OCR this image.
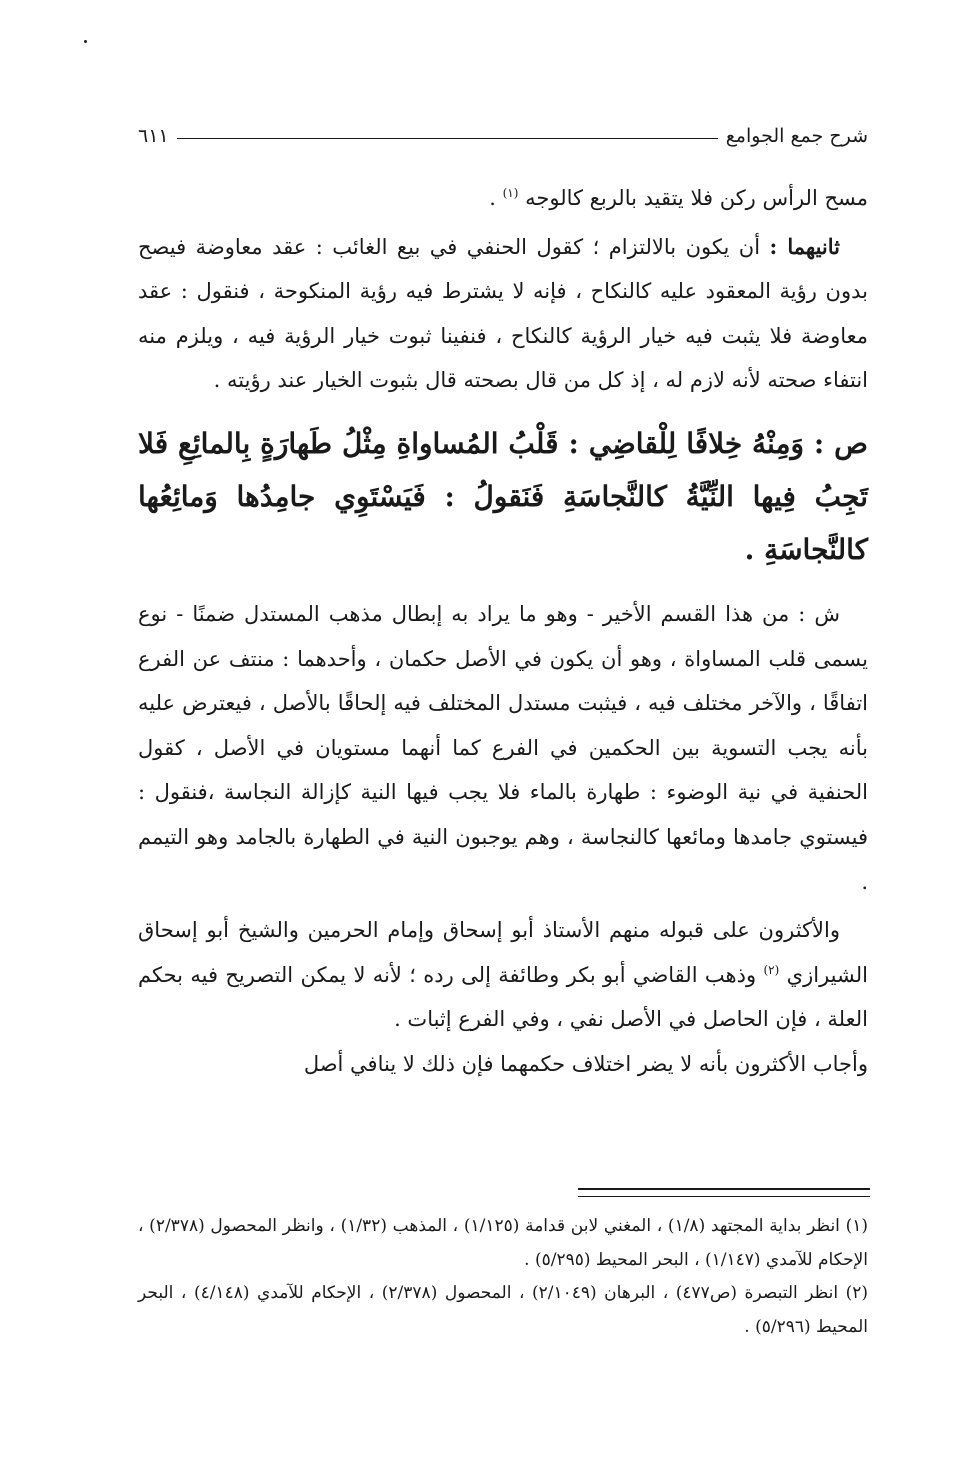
شرح جمع الجوامع
٦١١

مسح الرأس ركن فلا يتقيد بالربع كالوجه $^{(١)}$ .

ثانيهما : أن يكون بالالتزام ؛ كقول الحنفي في بيع الغائب : عقد معاوضة فيصح بدون رؤية المعقود عليه كالنكاح ، فإنه لا يشترط فيه رؤية المنكوحة ، فنقول : عقد معاوضة فلا يثبت فيه خيار الرؤية كالنكاح ، فنفينا ثبوت خيار الرؤية فيه ، ويلزم منه انتفاء صحته لأنه لازم له ، إذ كل من قال بصحته قال بثبوت الخيار عند رؤيته .

ص : وَمِنْهُ خِلافًا لِلْقاضِي : قَلْبُ المُساواةِ مِثْلُ طَهارَةٍ بِالمائِعِ فَلا تَجِبُ فِيها النِّيَّةُ كالنَّجاسَةِ فَنَقولُ : فَيَسْتَوِي جامِدُها وَمائِعُها كالنَّجاسَةِ .

ش : من هذا القسم الأخير - وهو ما يراد به إبطال مذهب المستدل ضمنًا - نوع يسمى قلب المساواة ، وهو أن يكون في الأصل حكمان ، وأحدهما : منتف عن الفرع اتفاقًا ، والآخر مختلف فيه ، فيثبت مستدل المختلف فيه إلحاقًا بالأصل ، فيعترض عليه بأنه يجب التسوية بين الحكمين في الفرع كما أنهما مستويان في الأصل ، كقول الحنفية في نية الوضوء : طهارة بالماء فلا يجب فيها النية كإزالة النجاسة ،فنقول : فيستوي جامدها ومائعها كالنجاسة ، وهم يوجبون النية في الطهارة بالجامد وهو التيمم .

والأكثرون على قبوله منهم الأستاذ أبو إسحاق وإمام الحرمين والشيخ أبو إسحاق الشيرازي $^{(٢)}$ وذهب القاضي أبو بكر وطائفة إلى رده ؛ لأنه لا يمكن التصريح فيه بحكم العلة ، فإن الحاصل في الأصل نفي ، وفي الفرع إثبات .

وأجاب الأكثرون بأنه لا يضر اختلاف حكمهما فإن ذلك لا ينافي أصل

(١) انظر بداية المجتهد (١/٨) ، المغني لابن قدامة (١/١٢٥) ، المذهب (١/٣٢) ، وانظر المحصول (٢/٣٧٨) ، الإحكام للآمدي (١/١٤٧) ، البحر المحيط (٥/٢٩٥) .

(٢) انظر التبصرة (ص٤٧٧) ، البرهان (٢/١٠٤٩) ، المحصول (٢/٣٧٨) ، الإحكام للآمدي (٤/١٤٨) ، البحر المحيط (٥/٢٩٦) .
